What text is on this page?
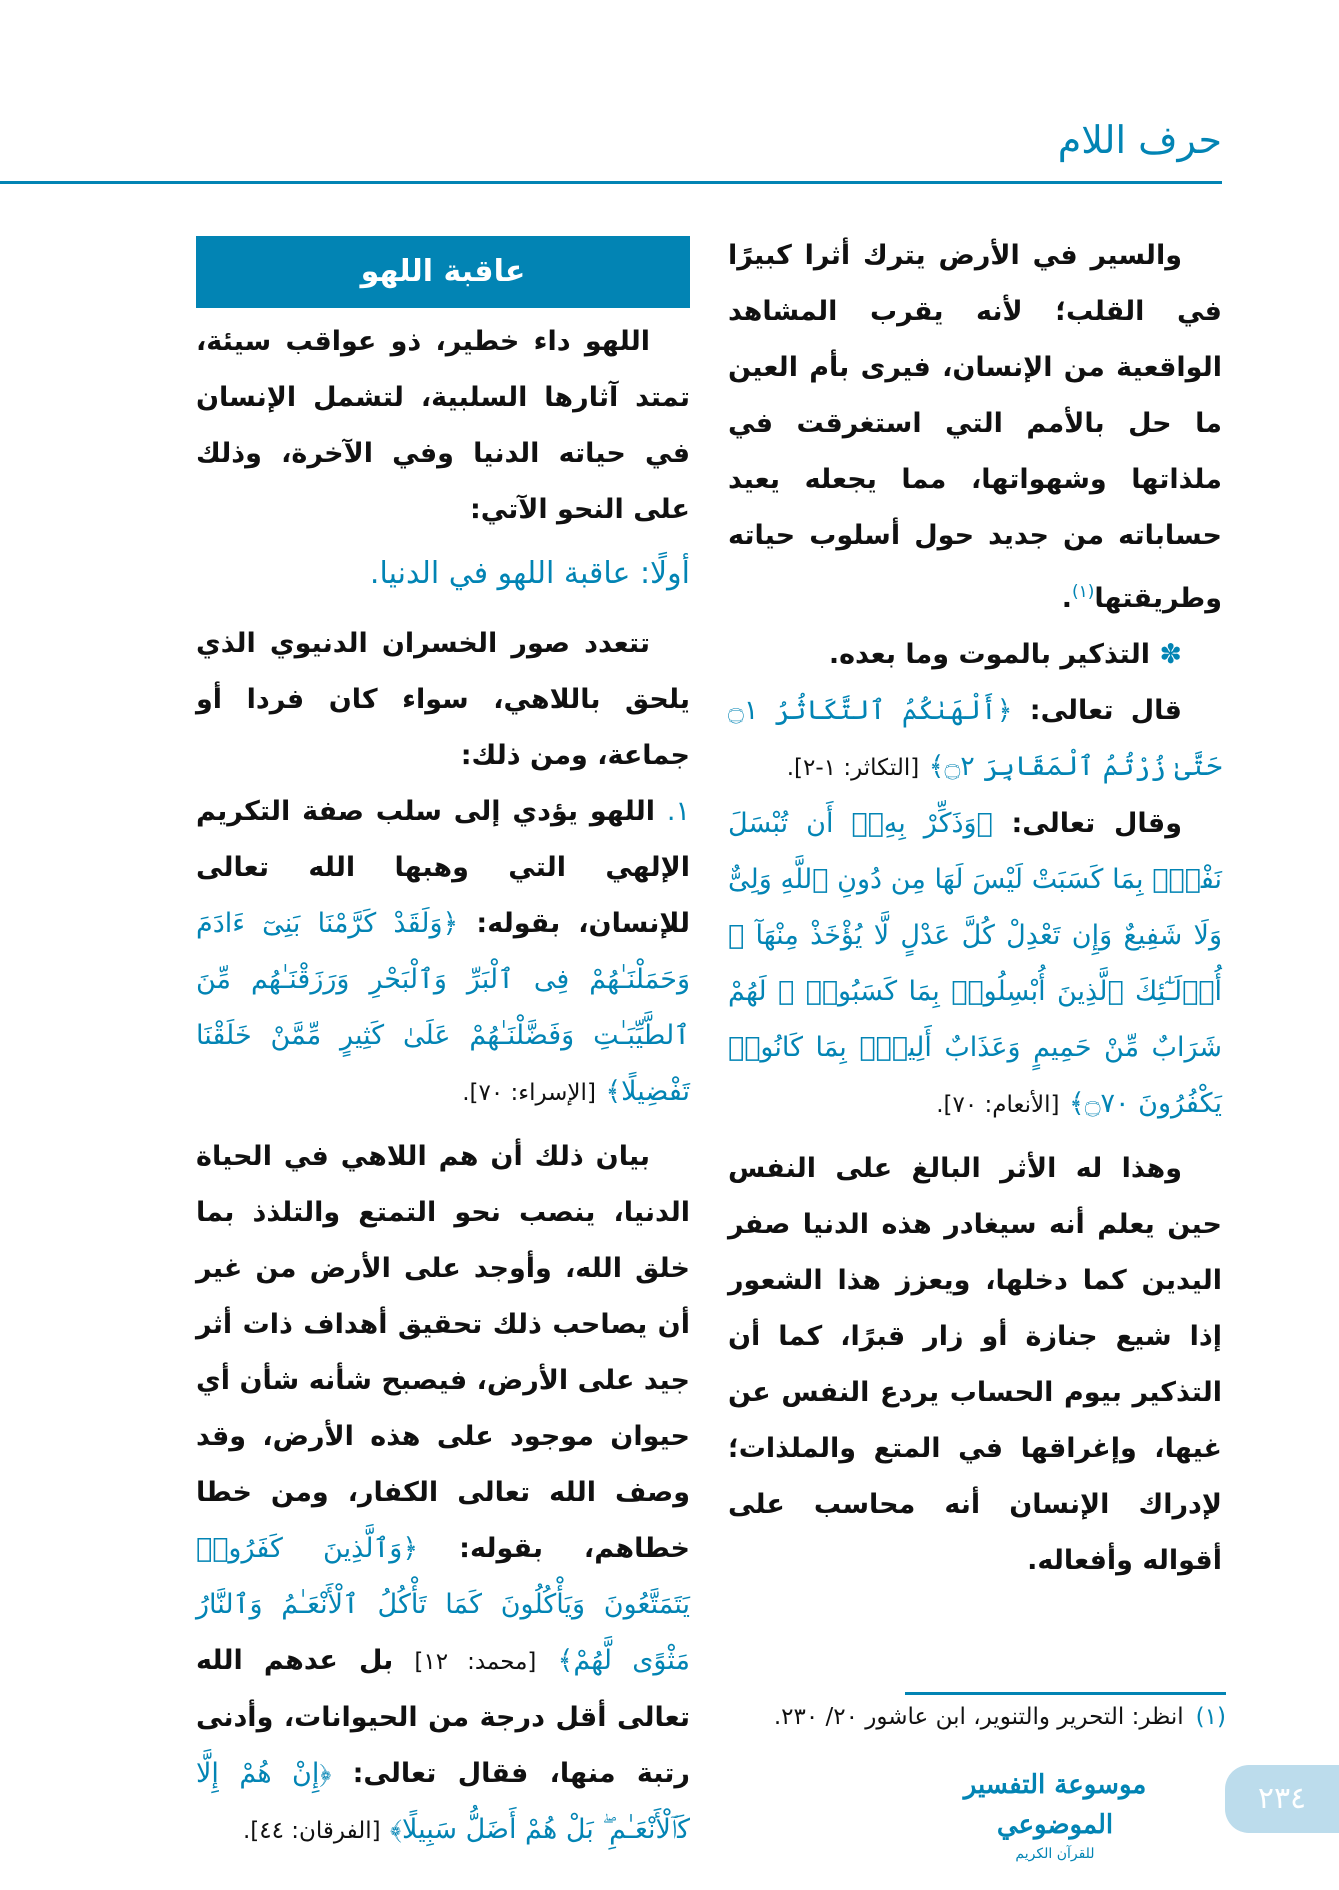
حرف اللام

والسير في الأرض يترك أثرا كبيرًا في القلب؛ لأنه يقرب المشاهد الواقعية من الإنسان، فيرى بأم العين ما حل بالأمم التي استغرقت في ملذاتها وشهواتها، مما يجعله يعيد حساباته من جديد حول أسلوب حياته وطريقتها$^{(١)}$.

✽ التذكير بالموت وما بعده.

قال تعالى: ﴿أَلْهَىٰكُمُ ٱلتَّكَاثُرُ ۝١ حَتَّىٰ زُرْتُمُ ٱلْمَقَابِرَ ۝٢﴾ [التكاثر: ١-٢].

وقال تعالى: ﴿وَذَكِّرْ بِهِۦٓ أَن تُبْسَلَ نَفْسٌۢ بِمَا كَسَبَتْ لَيْسَ لَهَا مِن دُونِ ٱللَّهِ وَلِىٌّ وَلَا شَفِيعٌ وَإِن تَعْدِلْ كُلَّ عَدْلٍ لَّا يُؤْخَذْ مِنْهَآ ۗ أُو۟لَـٰٓئِكَ ٱلَّذِينَ أُبْسِلُوا۟ بِمَا كَسَبُوا۟ ۖ لَهُمْ شَرَابٌ مِّنْ حَمِيمٍ وَعَذَابٌ أَلِيمٌۢ بِمَا كَانُوا۟ يَكْفُرُونَ ۝٧٠﴾ [الأنعام: ٧٠].

وهذا له الأثر البالغ على النفس حين يعلم أنه سيغادر هذه الدنيا صفر اليدين كما دخلها، ويعزز هذا الشعور إذا شيع جنازة أو زار قبرًا، كما أن التذكير بيوم الحساب يردع النفس عن غيها، وإغراقها في المتع والملذات؛ لإدراك الإنسان أنه محاسب على أقواله وأفعاله.

عاقبة اللهو

اللهو داء خطير، ذو عواقب سيئة، تمتد آثارها السلبية، لتشمل الإنسان في حياته الدنيا وفي الآخرة، وذلك على النحو الآتي:

أولًا: عاقبة اللهو في الدنيا.

تتعدد صور الخسران الدنيوي الذي يلحق باللاهي، سواء كان فردا أو جماعة، ومن ذلك:

١. اللهو يؤدي إلى سلب صفة التكريم الإلهي التي وهبها الله تعالى للإنسان، بقوله: ﴿وَلَقَدْ كَرَّمْنَا بَنِىٓ ءَادَمَ وَحَمَلْنَـٰهُمْ فِى ٱلْبَرِّ وَٱلْبَحْرِ وَرَزَقْنَـٰهُم مِّنَ ٱلطَّيِّبَـٰتِ وَفَضَّلْنَـٰهُمْ عَلَىٰ كَثِيرٍ مِّمَّنْ خَلَقْنَا تَفْضِيلًا﴾ [الإسراء: ٧٠].

بيان ذلك أن هم اللاهي في الحياة الدنيا، ينصب نحو التمتع والتلذذ بما خلق الله، وأوجد على الأرض من غير أن يصاحب ذلك تحقيق أهداف ذات أثر جيد على الأرض، فيصبح شأنه شأن أي حيوان موجود على هذه الأرض، وقد وصف الله تعالى الكفار، ومن خطا خطاهم، بقوله: ﴿وَٱلَّذِينَ كَفَرُوا۟ يَتَمَتَّعُونَ وَيَأْكُلُونَ كَمَا تَأْكُلُ ٱلْأَنْعَـٰمُ وَٱلنَّارُ مَثْوًى لَّهُمْ﴾ [محمد: ١٢] بل عدهم الله تعالى أقل درجة من الحيوانات، وأدنى رتبة منها، فقال تعالى: ﴿إِنْ هُمْ إِلَّا كَٱلْأَنْعَـٰمِ ۖ بَلْ هُمْ أَضَلُّ سَبِيلًا﴾ [الفرقان: ٤٤].

(١)انظر: التحرير والتنوير، ابن عاشور ٢٠/ ٢٣٠.
موسوعة التفسير الموضوعي
للقرآن الكريم
٢٣٤
